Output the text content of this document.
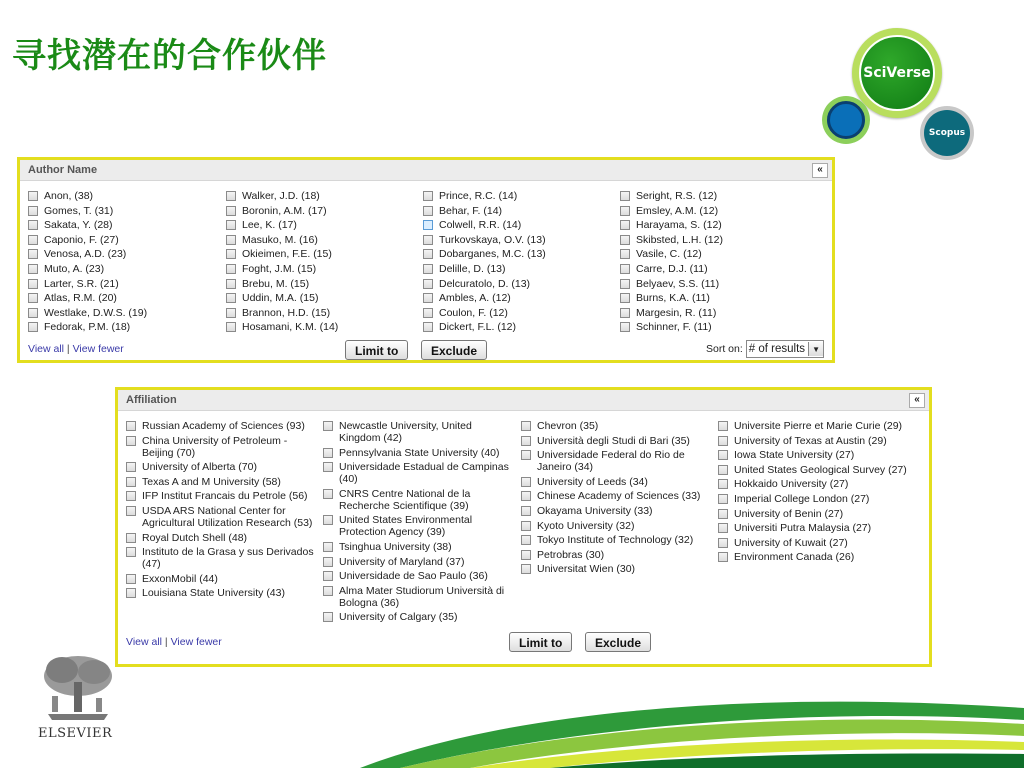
寻找潜在的合作伙伴	SciVerse
Scopus
Author Name	«
Anon, (38)
Gomes, T. (31)
Sakata, Y. (28)
Caponio, F. (27)
Venosa, A.D. (23)
Muto, A. (23)
Larter, S.R. (21)
Atlas, R.M. (20)
Westlake, D.W.S. (19)
Fedorak, P.M. (18)
Walker, J.D. (18)
Boronin, A.M. (17)
Lee, K. (17)
Masuko, M. (16)
Okieimen, F.E. (15)
Foght, J.M. (15)
Brebu, M. (15)
Uddin, M.A. (15)
Brannon, H.D. (15)
Hosamani, K.M. (14)
Prince, R.C. (14)
Behar, F. (14)
Colwell, R.R. (14)
Turkovskaya, O.V. (13)
Dobarganes, M.C. (13)
Delille, D. (13)
Delcuratolo, D. (13)
Ambles, A. (12)
Coulon, F. (12)
Dickert, F.L. (12)
Seright, R.S. (12)
Emsley, A.M. (12)
Harayama, S. (12)
Skibsted, L.H. (12)
Vasile, C. (12)
Carre, D.J. (11)
Belyaev, S.S. (11)
Burns, K.A. (11)
Margesin, R. (11)
Schinner, F. (11)
View all | View fewer	Limit to	Exclude	Sort on: # of results ▼
Affiliation	«
Russian Academy of Sciences (93)
China University of Petroleum - Beijing (70)
University of Alberta (70)
Texas A and M University (58)
IFP Institut Francais du Petrole (56)
USDA ARS National Center for Agricultural Utilization Research (53)
Royal Dutch Shell (48)
Instituto de la Grasa y sus Derivados (47)
ExxonMobil (44)
Louisiana State University (43)
Newcastle University, United Kingdom (42)
Pennsylvania State University (40)
Universidade Estadual de Campinas (40)
CNRS Centre National de la Recherche Scientifique (39)
United States Environmental Protection Agency (39)
Tsinghua University (38)
University of Maryland (37)
Universidade de Sao Paulo (36)
Alma Mater Studiorum Università di Bologna (36)
University of Calgary (35)
Chevron (35)
Università degli Studi di Bari (35)
Universidade Federal do Rio de Janeiro (34)
University of Leeds (34)
Chinese Academy of Sciences (33)
Okayama University (33)
Kyoto University (32)
Tokyo Institute of Technology (32)
Petrobras (30)
Universitat Wien (30)
Universite Pierre et Marie Curie (29)
University of Texas at Austin (29)
Iowa State University (27)
United States Geological Survey (27)
Hokkaido University (27)
Imperial College London (27)
University of Benin (27)
Universiti Putra Malaysia (27)
University of Kuwait (27)
Environment Canada (26)
View all | View fewer	Limit to	Exclude
ELSEVIER
